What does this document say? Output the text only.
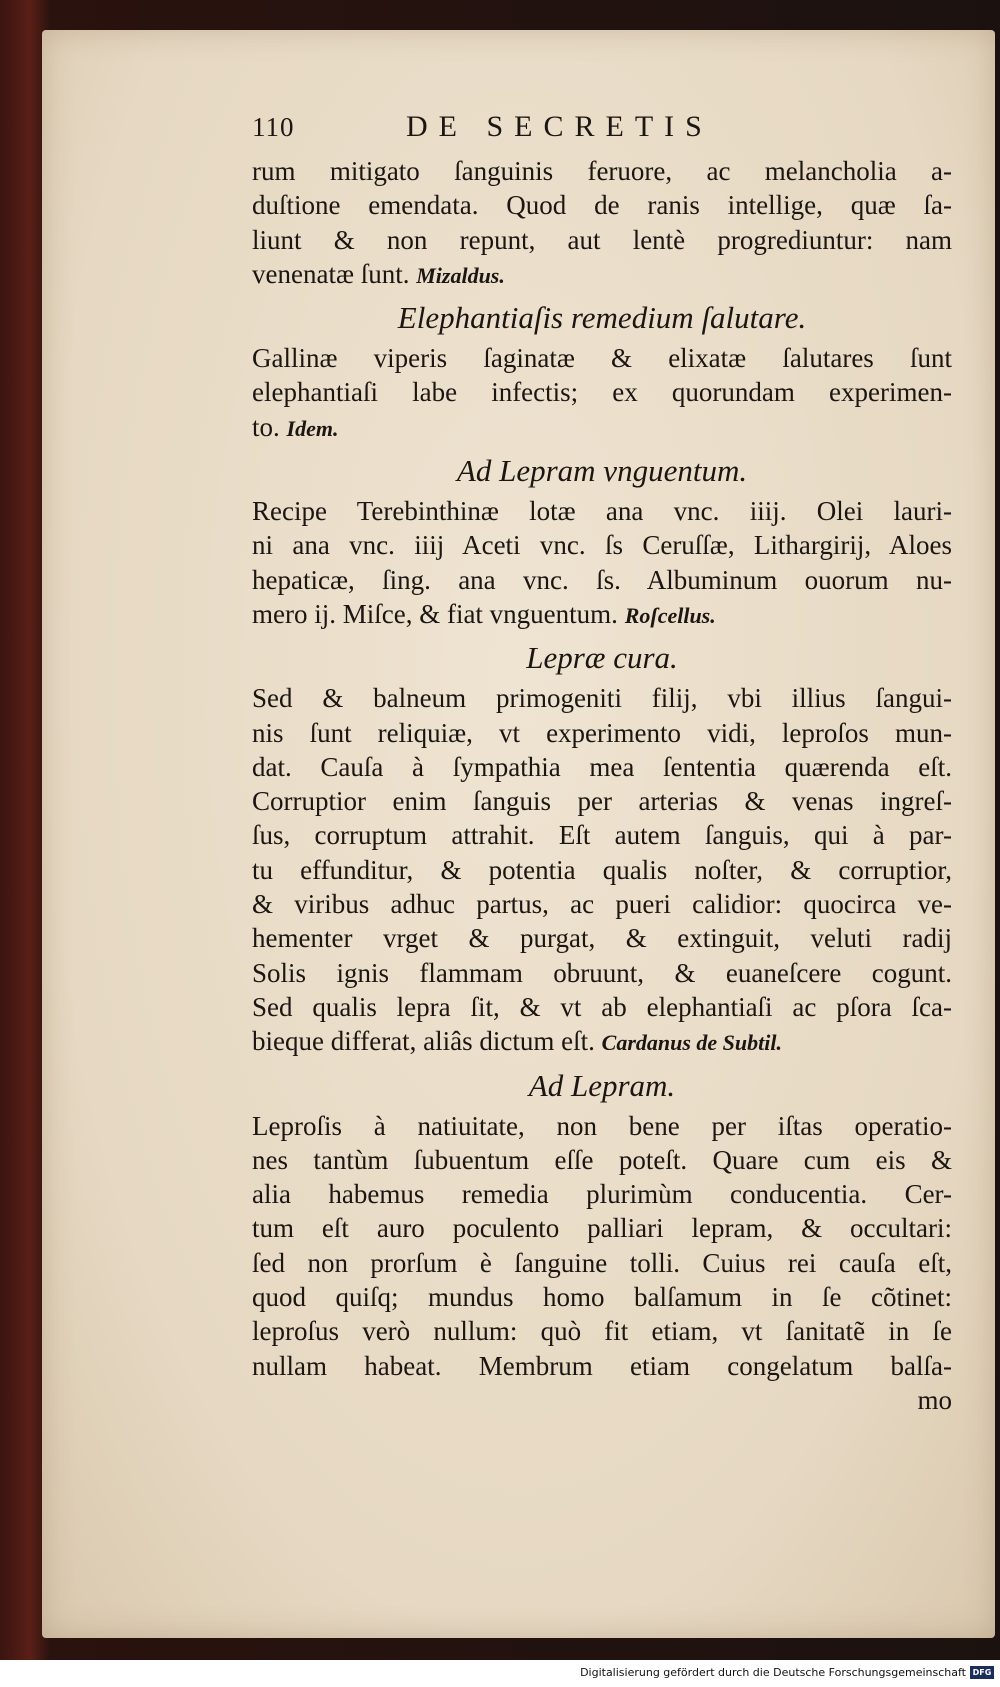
110	DE SECRETIS
rum mitigato ſanguinis feruore, ac melancholia a-
duſtione emendata. Quod de ranis intellige, quæ ſa-
liunt & non repunt, aut lentè progrediuntur: nam
venenatæ ſunt. Mizaldus.
Elephantiaſis remedium ſalutare.
Gallinæ viperis ſaginatæ & elixatæ ſalutares ſunt
elephantiaſi labe infectis; ex quorundam experimen-
to. Idem.
Ad Lepram vnguentum.
Recipe Terebinthinæ lotæ ana vnc. iiij. Olei lauri-
ni ana vnc. iiij Aceti vnc. ſs Ceruſſæ, Lithargirij, Aloes
hepaticæ, ſing. ana vnc. ſs. Albuminum ouorum nu-
mero ij. Miſce, & fiat vnguentum. Roſcellus.
Lepræ cura.
Sed & balneum primogeniti filij, vbi illius ſangui-
nis ſunt reliquiæ, vt experimento vidi, leproſos mun-
dat. Cauſa à ſympathia mea ſententia quærenda eſt.
Corruptior enim ſanguis per arterias & venas ingreſ-
ſus, corruptum attrahit. Eſt autem ſanguis, qui à par-
tu effunditur, & potentia qualis noſter, & corruptior,
& viribus adhuc partus, ac pueri calidior: quocirca ve-
hementer vrget & purgat, & extinguit, veluti radij
Solis ignis flammam obruunt, & euaneſcere cogunt.
Sed qualis lepra ſit, & vt ab elephantiaſi ac pſora ſca-
bieque differat, aliâs dictum eſt. Cardanus de Subtil.
Ad Lepram.
Leproſis à natiuitate, non bene per iſtas operatio-
nes tantùm ſubuentum eſſe poteſt. Quare cum eis &
alia habemus remedia plurimùm conducentia. Cer-
tum eſt auro poculento palliari lepram, & occultari:
ſed non prorſum è ſanguine tolli. Cuius rei cauſa eſt,
quod quiſq; mundus homo balſamum in ſe cõtinet:
leproſus verò nullum: quò fit etiam, vt ſanitatẽ in ſe
nullam habeat. Membrum etiam congelatum balſa-
mo
Digitalisierung gefördert durch die Deutsche Forschungsgemeinschaft DFG
